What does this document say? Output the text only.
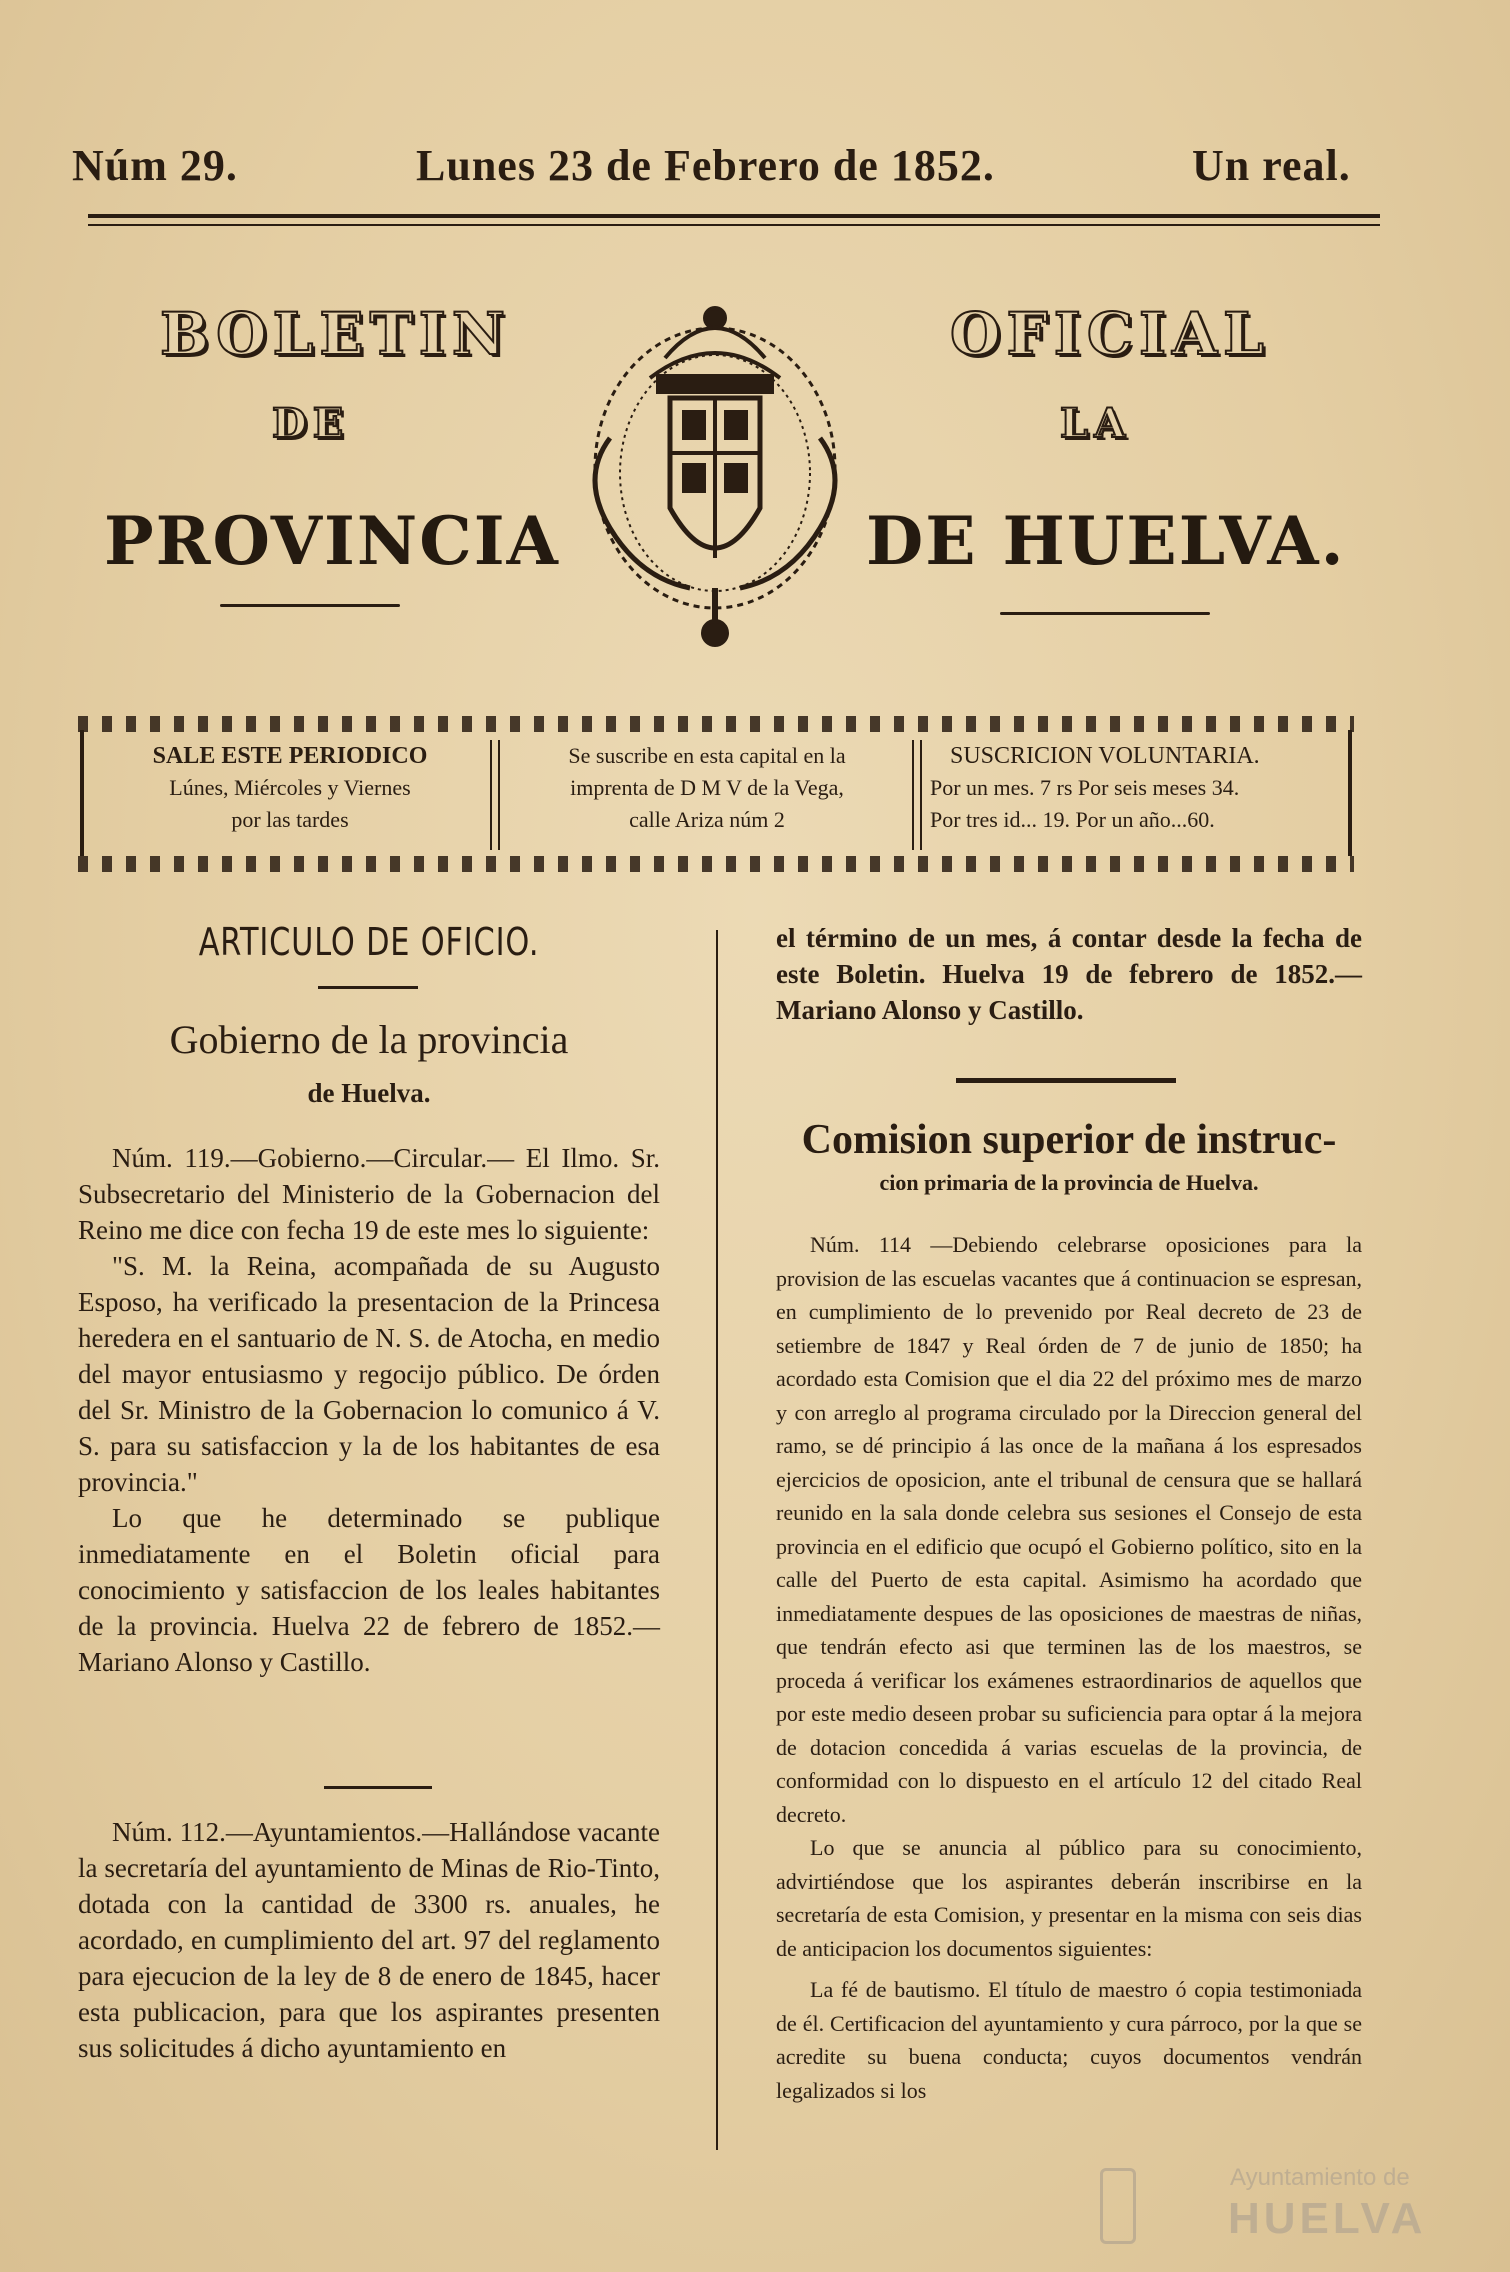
Núm 29.	Lunes 23 de Febrero de 1852.	Un real.
BOLETIN	OFICIAL
DE	LA
PROVINCIA	DE HUELVA.
SALE ESTE PERIODICO
Lúnes, Miércoles y Viernes
por las tardes
Se suscribe en esta capital en la
imprenta de D M V de la Vega,
calle Ariza núm 2
SUSCRICION VOLUNTARIA.
Por un mes. 7 rs Por seis meses 34.
Por tres id... 19. Por un año...60.
ARTICULO DE OFICIO.
Gobierno de la provincia
de Huelva.

Núm. 119.—Gobierno.—Circular.— El Ilmo. Sr. Subsecretario del Ministerio de la Gobernacion del Reino me dice con fecha 19 de este mes lo siguiente:

"S. M. la Reina, acompañada de su Augusto Esposo, ha verificado la presentacion de la Princesa heredera en el santuario de N. S. de Atocha, en medio del mayor entusiasmo y regocijo público. De órden del Sr. Ministro de la Gobernacion lo comunico á V. S. para su satisfaccion y la de los habitantes de esa provincia."

Lo que he determinado se publique inmediatamente en el Boletin oficial para conocimiento y satisfaccion de los leales habitantes de la provincia. Huelva 22 de febrero de 1852.—Mariano Alonso y Castillo.

Núm. 112.—Ayuntamientos.—Hallándose vacante la secretaría del ayuntamiento de Minas de Rio-Tinto, dotada con la cantidad de 3300 rs. anuales, he acordado, en cumplimiento del art. 97 del reglamento para ejecucion de la ley de 8 de enero de 1845, hacer esta publicacion, para que los aspirantes presenten sus solicitudes á dicho ayuntamiento en

el término de un mes, á contar desde la fecha de este Boletin. Huelva 19 de febrero de 1852.—Mariano Alonso y Castillo.

Comision superior de instruc-
cion primaria de la provincia de Huelva.

Núm. 114 —Debiendo celebrarse oposiciones para la provision de las escuelas vacantes que á continuacion se espresan, en cumplimiento de lo prevenido por Real decreto de 23 de setiembre de 1847 y Real órden de 7 de junio de 1850; ha acordado esta Comision que el dia 22 del próximo mes de marzo y con arreglo al programa circulado por la Direccion general del ramo, se dé principio á las once de la mañana á los espresados ejercicios de oposicion, ante el tribunal de censura que se hallará reunido en la sala donde celebra sus sesiones el Consejo de esta provincia en el edificio que ocupó el Gobierno político, sito en la calle del Puerto de esta capital. Asimismo ha acordado que inmediatamente despues de las oposiciones de maestras de niñas, que tendrán efecto asi que terminen las de los maestros, se proceda á verificar los exámenes estraordinarios de aquellos que por este medio deseen probar su suficiencia para optar á la mejora de dotacion concedida á varias escuelas de la provincia, de conformidad con lo dispuesto en el artículo 12 del citado Real decreto.

Lo que se anuncia al público para su conocimiento, advirtiéndose que los aspirantes deberán inscribirse en la secretaría de esta Comision, y presentar en la misma con seis dias de anticipacion los documentos siguientes:

La fé de bautismo. El título de maestro ó copia testimoniada de él. Certificacion del ayuntamiento y cura párroco, por la que se acredite su buena conducta; cuyos documentos vendrán legalizados si los

Ayuntamiento de
HUELVA
